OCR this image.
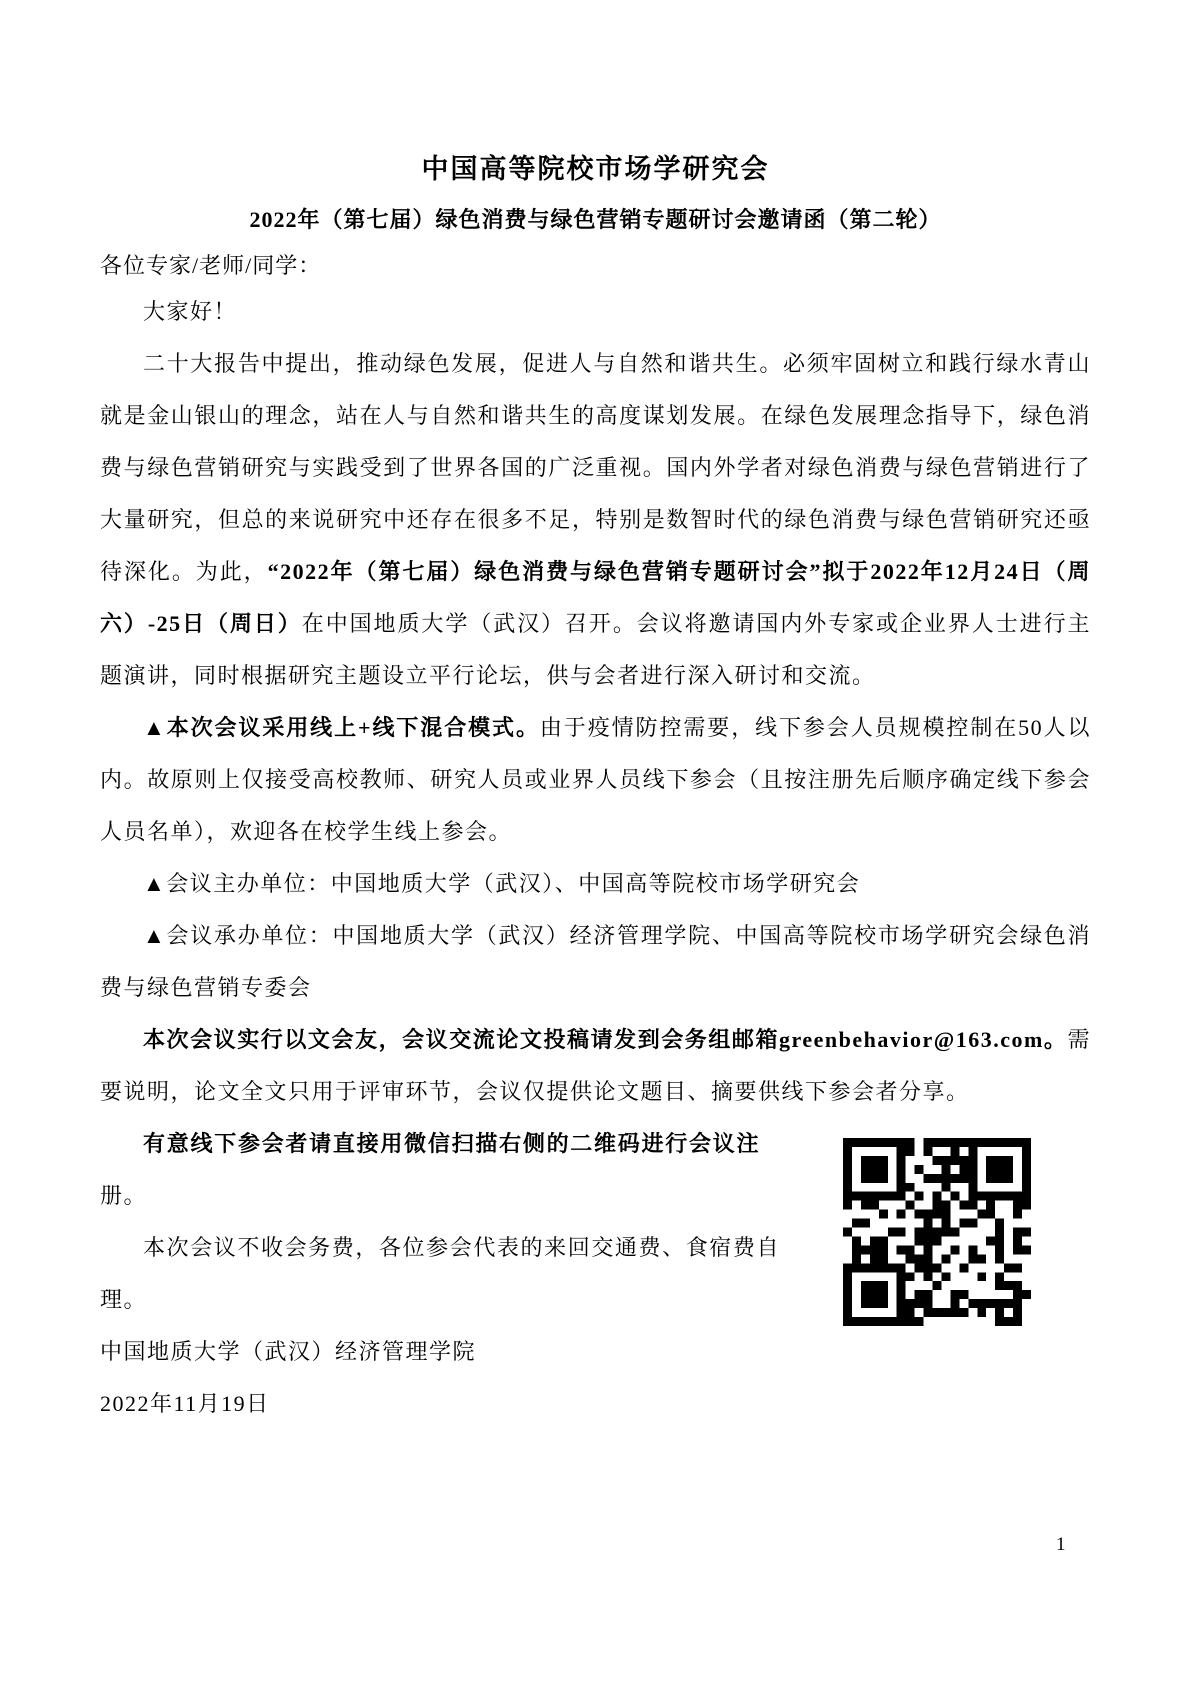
中国高等院校市场学研究会
2022年（第七届）绿色消费与绿色营销专题研讨会邀请函（第二轮）
各位专家/老师/同学：

大家好！

二十大报告中提出，推动绿色发展，促进人与自然和谐共生。必须牢固树立和践行绿水青山就是金山银山的理念，站在人与自然和谐共生的高度谋划发展。在绿色发展理念指导下，绿色消费与绿色营销研究与实践受到了世界各国的广泛重视。国内外学者对绿色消费与绿色营销进行了大量研究，但总的来说研究中还存在很多不足，特别是数智时代的绿色消费与绿色营销研究还亟待深化。为此，“2022年（第七届）绿色消费与绿色营销专题研讨会”拟于2022年12月24日（周六）-25日（周日）在中国地质大学（武汉）召开。会议将邀请国内外专家或企业界人士进行主题演讲，同时根据研究主题设立平行论坛，供与会者进行深入研讨和交流。

▲本次会议采用线上+线下混合模式。由于疫情防控需要，线下参会人员规模控制在50人以内。故原则上仅接受高校教师、研究人员或业界人员线下参会（且按注册先后顺序确定线下参会人员名单），欢迎各在校学生线上参会。

▲会议主办单位：中国地质大学（武汉）、中国高等院校市场学研究会

▲会议承办单位：中国地质大学（武汉）经济管理学院、中国高等院校市场学研究会绿色消费与绿色营销专委会

本次会议实行以文会友，会议交流论文投稿请发到会务组邮箱greenbehavior@163.com。需要说明，论文全文只用于评审环节，会议仅提供论文题目、摘要供线下参会者分享。

有意线下参会者请直接用微信扫描右侧的二维码进行会议注册。

本次会议不收会务费，各位参会代表的来回交通费、食宿费自理。

中国地质大学（武汉）经济管理学院

2022年11月19日

1
